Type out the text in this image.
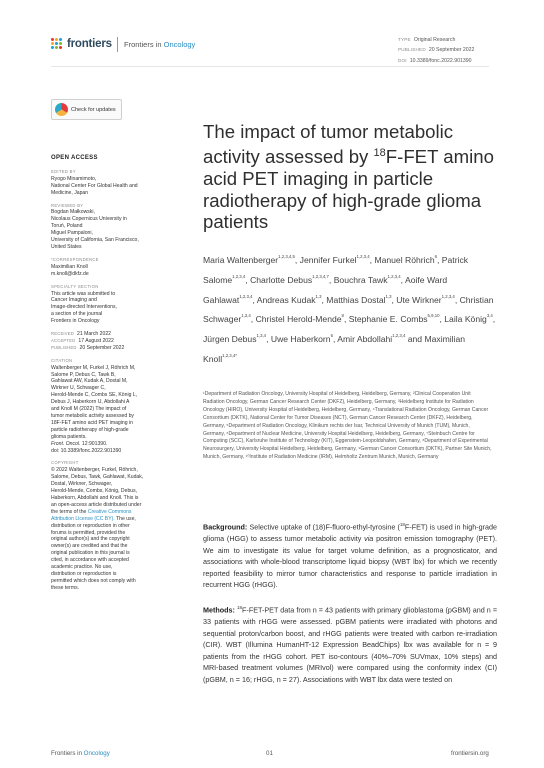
frontiers Frontiers in Oncology
TYPE Original Research
PUBLISHED 20 September 2022
DOI 10.3389/fonc.2022.901390
Check for updates
OPEN ACCESS
EDITED BY
Ryogo Minamimoto,
National Center For Global Health and
Medicine, Japan
REVIEWED BY
Bogdan Małkowski,
Nicolaus Copernicus University in
Toruń, Poland
Miguel Pampaloni,
University of California, San Francisco,
United States
*CORRESPONDENCE
Maximilian Knoll
m.knoll@dkfz.de
SPECIALTY SECTION
This article was submitted to
Cancer Imaging and
Image-directed Interventions,
a section of the journal
Frontiers in Oncology
RECEIVED 21 March 2022
ACCEPTED 17 August 2022
PUBLISHED 20 September 2022
CITATION
Waltenberger M, Furkel J, Röhrich M,
Salome P, Debus C, Tawk B,
Gahlawat AW, Kudak A, Dostal M,
Wirkner U, Schwager C,
Herold-Mende C, Combs SE, König L,
Debus J, Haberkorn U, Abdollahi A
and Knoll M (2022) The impact of
tumor metabolic activity assessed by
18F-FET amino acid PET imaging in
particle radiotherapy of high-grade
glioma patients.
Front. Oncol. 12:901390.
doi: 10.3389/fonc.2022.901390
COPYRIGHT
© 2022 Waltenberger, Furkel, Röhrich,
Salome, Debus, Tawk, Gahlawat, Kudak,
Dostal, Wirkner, Schwager,
Herold-Mende, Combs, König, Debus,
Haberkorn, Abdollahi and Knoll. This is
an open-access article distributed under
the terms of the Creative Commons
Attribution License (CC BY). The use,
distribution or reproduction in other
forums is permitted, provided the
original author(s) and the copyright
owner(s) are credited and that the
original publication in this journal is
cited, in accordance with accepted
academic practice. No use,
distribution or reproduction is
permitted which does not comply with
these terms.
The impact of tumor metabolic activity assessed by $^{18}$F-FET amino acid PET imaging in particle radiotherapy of high-grade glioma patients
Maria Waltenberger$^{1,2,3,4,5}$, Jennifer Furkel$^{1,2,3,4}$, Manuel Röhrich$^6$, Patrick Salome$^{1,2,3,4}$, Charlotte Debus$^{1,2,3,4,7}$, Bouchra Tawk$^{1,2,3,4}$, Aoife Ward Gahlawat$^{1,2,3,4}$, Andreas Kudak$^{1,3}$, Matthias Dostal$^{1,3}$, Ute Wirkner$^{1,2,3,4}$, Christian Schwager$^{1,3,4}$, Christel Herold-Mende$^8$, Stephanie E. Combs$^{5,9,10}$, Laila König$^{3,4}$, Jürgen Debus$^{1,3,4}$, Uwe Haberkorn$^6$, Amir Abdollahi$^{1,2,3,4}$ and Maximilian Knoll$^{1,2,3,4*}$
¹Department of Radiation Oncology, University Hospital of Heidelberg, Heidelberg, Germany, ²Clinical Cooperation Unit Radiation Oncology, German Cancer Research Center (DKFZ), Heidelberg, Germany, ³Heidelberg Institute for Radiation Oncology (HIRO), University Hospital of Heidelberg, Heidelberg, Germany, ⁴Translational Radiation Oncology, German Cancer Consortium (DKTK), National Center for Tumor Diseases (NCT), German Cancer Research Center (DKFZ), Heidelberg, Germany, ⁵Department of Radiation Oncology, Klinikum rechts der Isar, Technical University of Munich (TUM), Munich, Germany, ⁶Department of Nuclear Medicine, University Hospital Heidelberg, Heidelberg, Germany, ⁷Steinbuch Centre for Computing (SCC), Karlsruhe Institute of Technology (KIT), Eggenstein-Leopoldshafen, Germany, ⁸Department of Experimental Neurosurgery, University Hospital Heidelberg, Heidelberg, Germany, ⁹German Cancer Consortium (DKTK), Partner Site Munich, Munich, Germany, ¹⁰Institute of Radiation Medicine (IRM), Helmholtz Zentrum Munich, Munich, Germany

Background: Selective uptake of (18)F-fluoro-ethyl-tyrosine ($^{18}$F-FET) is used in high-grade glioma (HGG) to assess tumor metabolic activity via positron emission tomography (PET). We aim to investigate its value for target volume definition, as a prognosticator, and associations with whole-blood transcriptome liquid biopsy (WBT lbx) for which we recently reported feasibility to mirror tumor characteristics and response to particle irradiation in recurrent HGG (rHGG).

Methods: $^{18}$F-FET-PET data from n = 43 patients with primary glioblastoma (pGBM) and n = 33 patients with rHGG were assessed. pGBM patients were irradiated with photons and sequential proton/carbon boost, and rHGG patients were treated with carbon re-irradiation (CIR). WBT (Illumina HumanHT-12 Expression BeadChips) lbx was available for n = 9 patients from the rHGG cohort. PET iso-contours (40%–70% SUVmax, 10% steps) and MRI-based treatment volumes (MRIvol) were compared using the conformity index (CI) (pGBM, n = 16; rHGG, n = 27). Associations with WBT lbx data were tested on

Frontiers in Oncology	01	frontiersin.org
